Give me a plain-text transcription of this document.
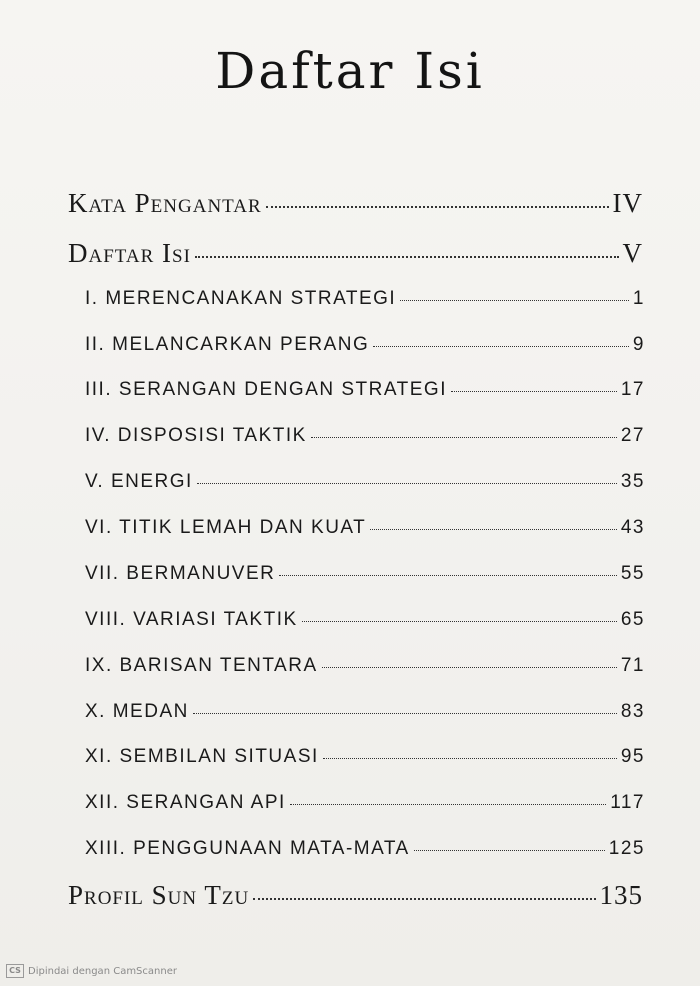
Daftar Isi
Kata Pengantar	IV
Daftar Isi	V
I. MERENCANAKAN STRATEGI	1
II. MELANCARKAN PERANG	9
III. SERANGAN DENGAN STRATEGI	17
IV. DISPOSISI TAKTIK	27
V. ENERGI	35
VI. TITIK LEMAH DAN KUAT	43
VII. BERMANUVER	55
VIII. VARIASI TAKTIK	65
IX. BARISAN TENTARA	71
X. MEDAN	83
XI. SEMBILAN SITUASI	95
XII. SERANGAN API	117
XIII. PENGGUNAAN MATA-MATA	125
Profil Sun Tzu	135
CS Dipindai dengan CamScanner
